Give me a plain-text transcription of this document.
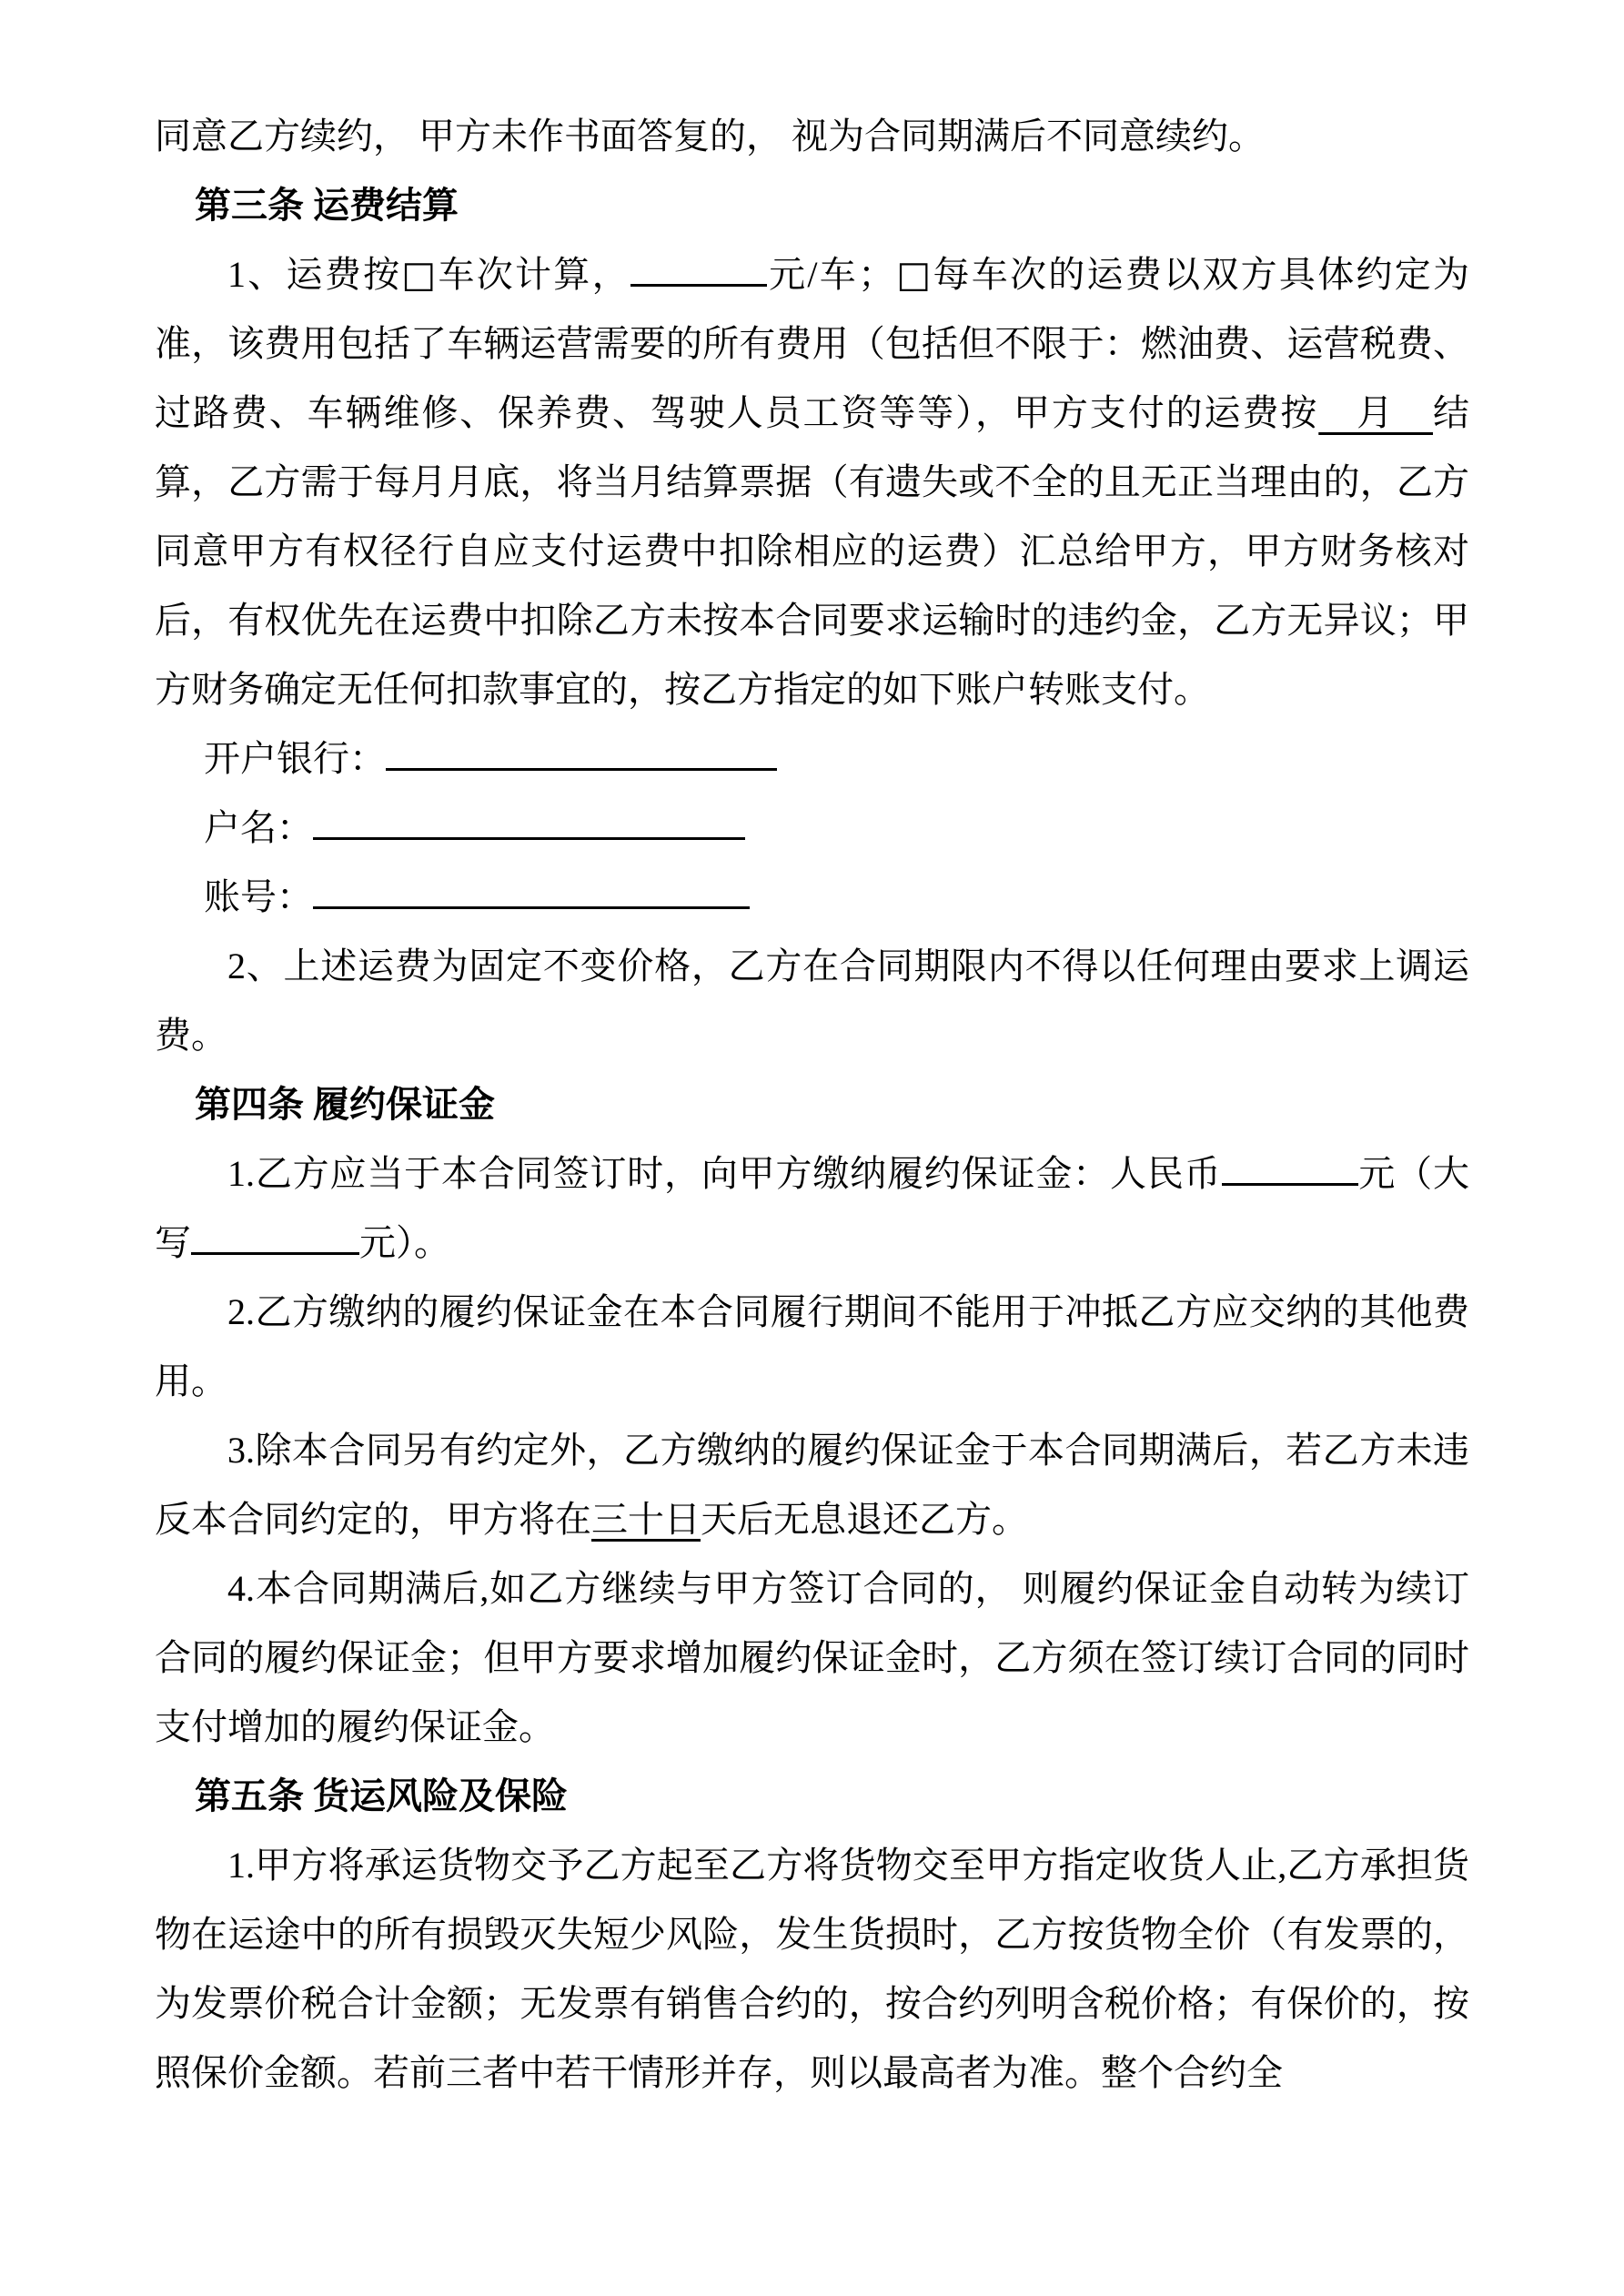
同意乙方续约， 甲方未作书面答复的， 视为合同期满后不同意续约。

第三条 运费结算

1、运费按□车次计算，	元/车；□每车次的运费以双方具体约定为准，该费用包括了车辆运营需要的所有费用（包括但不限于：燃油费、运营税费、过路费、车辆维修、保养费、驾驶人员工资等等），甲方支付的运费按　月　结算，乙方需于每月月底，将当月结算票据（有遗失或不全的且无正当理由的，乙方同意甲方有权径行自应支付运费中扣除相应的运费）汇总给甲方，甲方财务核对后，有权优先在运费中扣除乙方未按本合同要求运输时的违约金，乙方无异议；甲方财务确定无任何扣款事宜的，按乙方指定的如下账户转账支付。

开户银行：

户名：

账号：

2、上述运费为固定不变价格，乙方在合同期限内不得以任何理由要求上调运费。

第四条 履约保证金

1.乙方应当于本合同签订时，向甲方缴纳履约保证金：人民币	元（大写	元）。

2.乙方缴纳的履约保证金在本合同履行期间不能用于冲抵乙方应交纳的其他费用。

3.除本合同另有约定外，乙方缴纳的履约保证金于本合同期满后，若乙方未违反本合同约定的，甲方将在三十日天后无息退还乙方。

4.本合同期满后,如乙方继续与甲方签订合同的， 则履约保证金自动转为续订合同的履约保证金；但甲方要求增加履约保证金时，乙方须在签订续订合同的同时支付增加的履约保证金。

第五条 货运风险及保险

1.甲方将承运货物交予乙方起至乙方将货物交至甲方指定收货人止,乙方承担货物在运途中的所有损毁灭失短少风险，发生货损时，乙方按货物全价（有发票的，为发票价税合计金额；无发票有销售合约的，按合约列明含税价格；有保价的，按照保价金额。若前三者中若干情形并存，则以最高者为准。整个合约全
